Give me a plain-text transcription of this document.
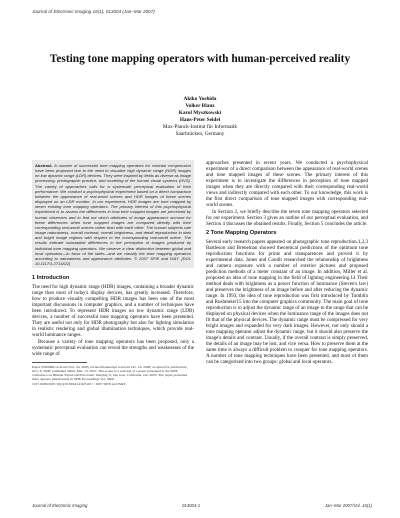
Journal of Electronic Imaging 16(1), 013004 (Jan–Mar 2007)
Testing tone mapping operators with human-perceived reality
Akiko Yoshida
Volker Blanz
Karol Myszkowski
Hans-Peter Seidel
Max-Planck-Institut für Informatik
Saarbrücken, Germany
Abstract. A number of successful tone mapping operators for contrast compression have been proposed due to the need to visualize high dynamic range (HDR) images on low dynamic range (LDR) devices. They were inspired by fields as diverse as image processing, photographic practice, and modeling of the human visual systems (HVS). The variety of approaches calls for a systematic perceptual evaluation of their performance. We conduct a psychophysical experiment based on a direct comparison between the appearance of real-world scenes and HDR images of these scenes displayed on an LDR monitor. In our experiment, HDR images are tone mapped by seven existing tone mapping operators. The primary interest of this psychophysical experiment is to assess the differences in how tone mapped images are perceived by human observers and to find out which attributes of image appearance account for these differences when tone mapped images are compared directly with their corresponding real-world scenes rather than with each other. The human subjects rate image naturalness, overall contrast, overall brightness, and detail reproduction in dark and bright image regions with respect to the corresponding real-world scene. The results indicate substantial differences in the perception of images produced by individual tone mapping operators. We observe a clear distinction between global and local operators—in favor of the latter—and we classify the tone mapping operators according to naturalness and appearance attributes. © 2007 SPIE and IS&T. [DOI: 10.1117/1.2711822]
1 Introduction

The need for high dynamic range (HDR) images, containing a broader dynamic range than most of today's display devices, has greatly increased. Therefore, how to produce visually compelling HDR images has been one of the most important discussions in computer graphics, and a number of techniques have been introduced. To represent HDR images on low dynamic range (LDR) devices, a number of successful tone mapping operators have been presented. They are useful not only for HDR photography but also for lighting simulation in realistic rendering and global illumination techniques, which provide real-world luminance ranges.

Because a variety of tone mapping operators has been proposed, only a systematic perceptual evaluation can reveal the strengths and weaknesses of the wide range of

Paper 05209RR received Nov. 24, 2005; revised manuscript received Oct. 16, 2006; accepted for publication Nov. 8, 2006; published online Mar. 13, 2007. This paper is a revision of a paper presented at the SPIE conference on Human Vision and Electronic Imaging X, San Jose, California, Jan. 2005. The paper presented there appears (unrefereed) in SPIE Proceedings Vol. 5666.
1017-9909/2007/16(1)/013004/14/$25.00 © 2007 SPIE and IS&T.

approaches presented in recent years. We conducted a psychophysical experiment of a direct comparison between the appearance of real-world scenes and tone mapped images of these scenes. The primary interest of this experiment is to investigate the differences in perception of tone mapped images when they are directly compared with their corresponding real-world views and indirectly compared with each other. To our knowledge, this work is the first direct comparison of tone mapped images with corresponding real-world scenes.

In Section 2, we briefly describe the seven tone mapping operators selected for our experiment. Section 3 gives an outline of our perceptual evaluation, and Section 4 discusses the obtained results. Finally, Section 5 concludes the article.

2 Tone Mapping Operators

Several early research papers appeared on photographic tone reproduction.1,2,3 Bartleson and Breneman showed theoretical predictions of the optimum tone reproduction functions for prints and transparences and proved it by experimental data. Jones and Condit researched the relationship of brightness and camera exposure with a number of exterior pictures and proposed prediction methods of a meter constant of an image. In addition, Miller et al. proposed an idea of tone mapping in the field of lighting engineering.14 Their method deals with brightness as a power function of luminance (Steven's law) and preserves the brightness of an image before and after reducing the dynamic range. In 1993, the idea of tone reproduction was first introduced by Tumblin and Rushmeier15 into the computer graphics community. The main goal of tone reproduction is to adjust the dynamic range of an image to the range that can be displayed on physical devices when the luminance range of the images does not fit that of the physical devices. The dynamic range must be compressed for very bright images and expanded for very dark images. However, not only should a tone mapping operator adjust the dynamic range, but it should also preserve the image's details and contrast. Usually, if the overall contrast is simply preserved, the details of an image may be lost, and vice versa. How to preserve them at the same time is always a difficult problem to conquer for tone mapping operators. A number of tone mapping techniques have been presented, and most of them can be categorized into two groups: global and local operators.

Journal of Electronic Imaging	013004-1	Jan–Mar 2007/Vol. 16(1)
